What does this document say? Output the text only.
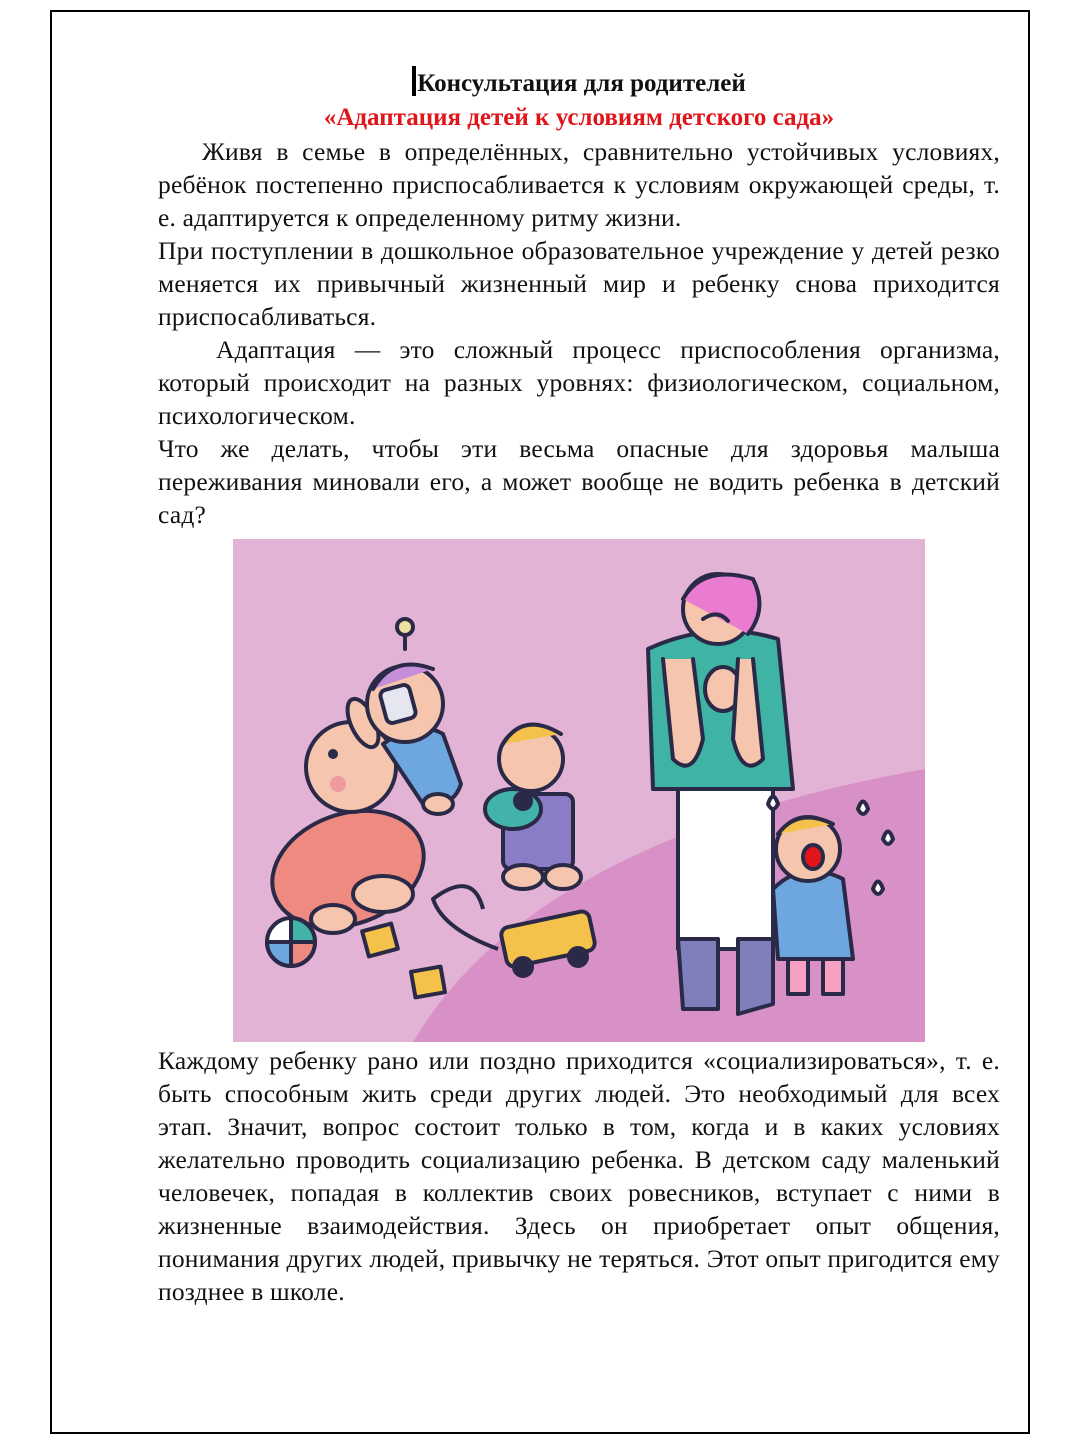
Консультация для родителей

«Адаптация детей к условиям детского сада»

Живя в семье в определённых, сравнительно устойчивых условиях, ребёнок постепенно приспосабливается к условиям окружающей среды, т. е. адаптируется к определенному ритму жизни.

При поступлении в дошкольное образовательное учреждение у детей резко меняется их привычный жизненный мир и ребенку снова приходится приспосабливаться.

Адаптация — это сложный процесс приспособления организма, который происходит на разных уровнях: физиологическом, социальном, психологическом.

Что же делать, чтобы эти весьма опасные для здоровья малыша переживания миновали его, а может вообще не водить ребенка в детский сад?

Каждому ребенку рано или поздно приходится «социализироваться», т. е. быть способным жить среди других людей. Это необходимый для всех этап. Значит, вопрос состоит только в том, когда и в каких условиях желательно проводить социализацию ребенка. В детском саду маленький человечек, попадая в коллектив своих ровесников, вступает с ними в жизненные взаимодействия. Здесь он приобретает опыт общения, понимания других людей, привычку не теряться. Этот опыт пригодится ему позднее в школе.
